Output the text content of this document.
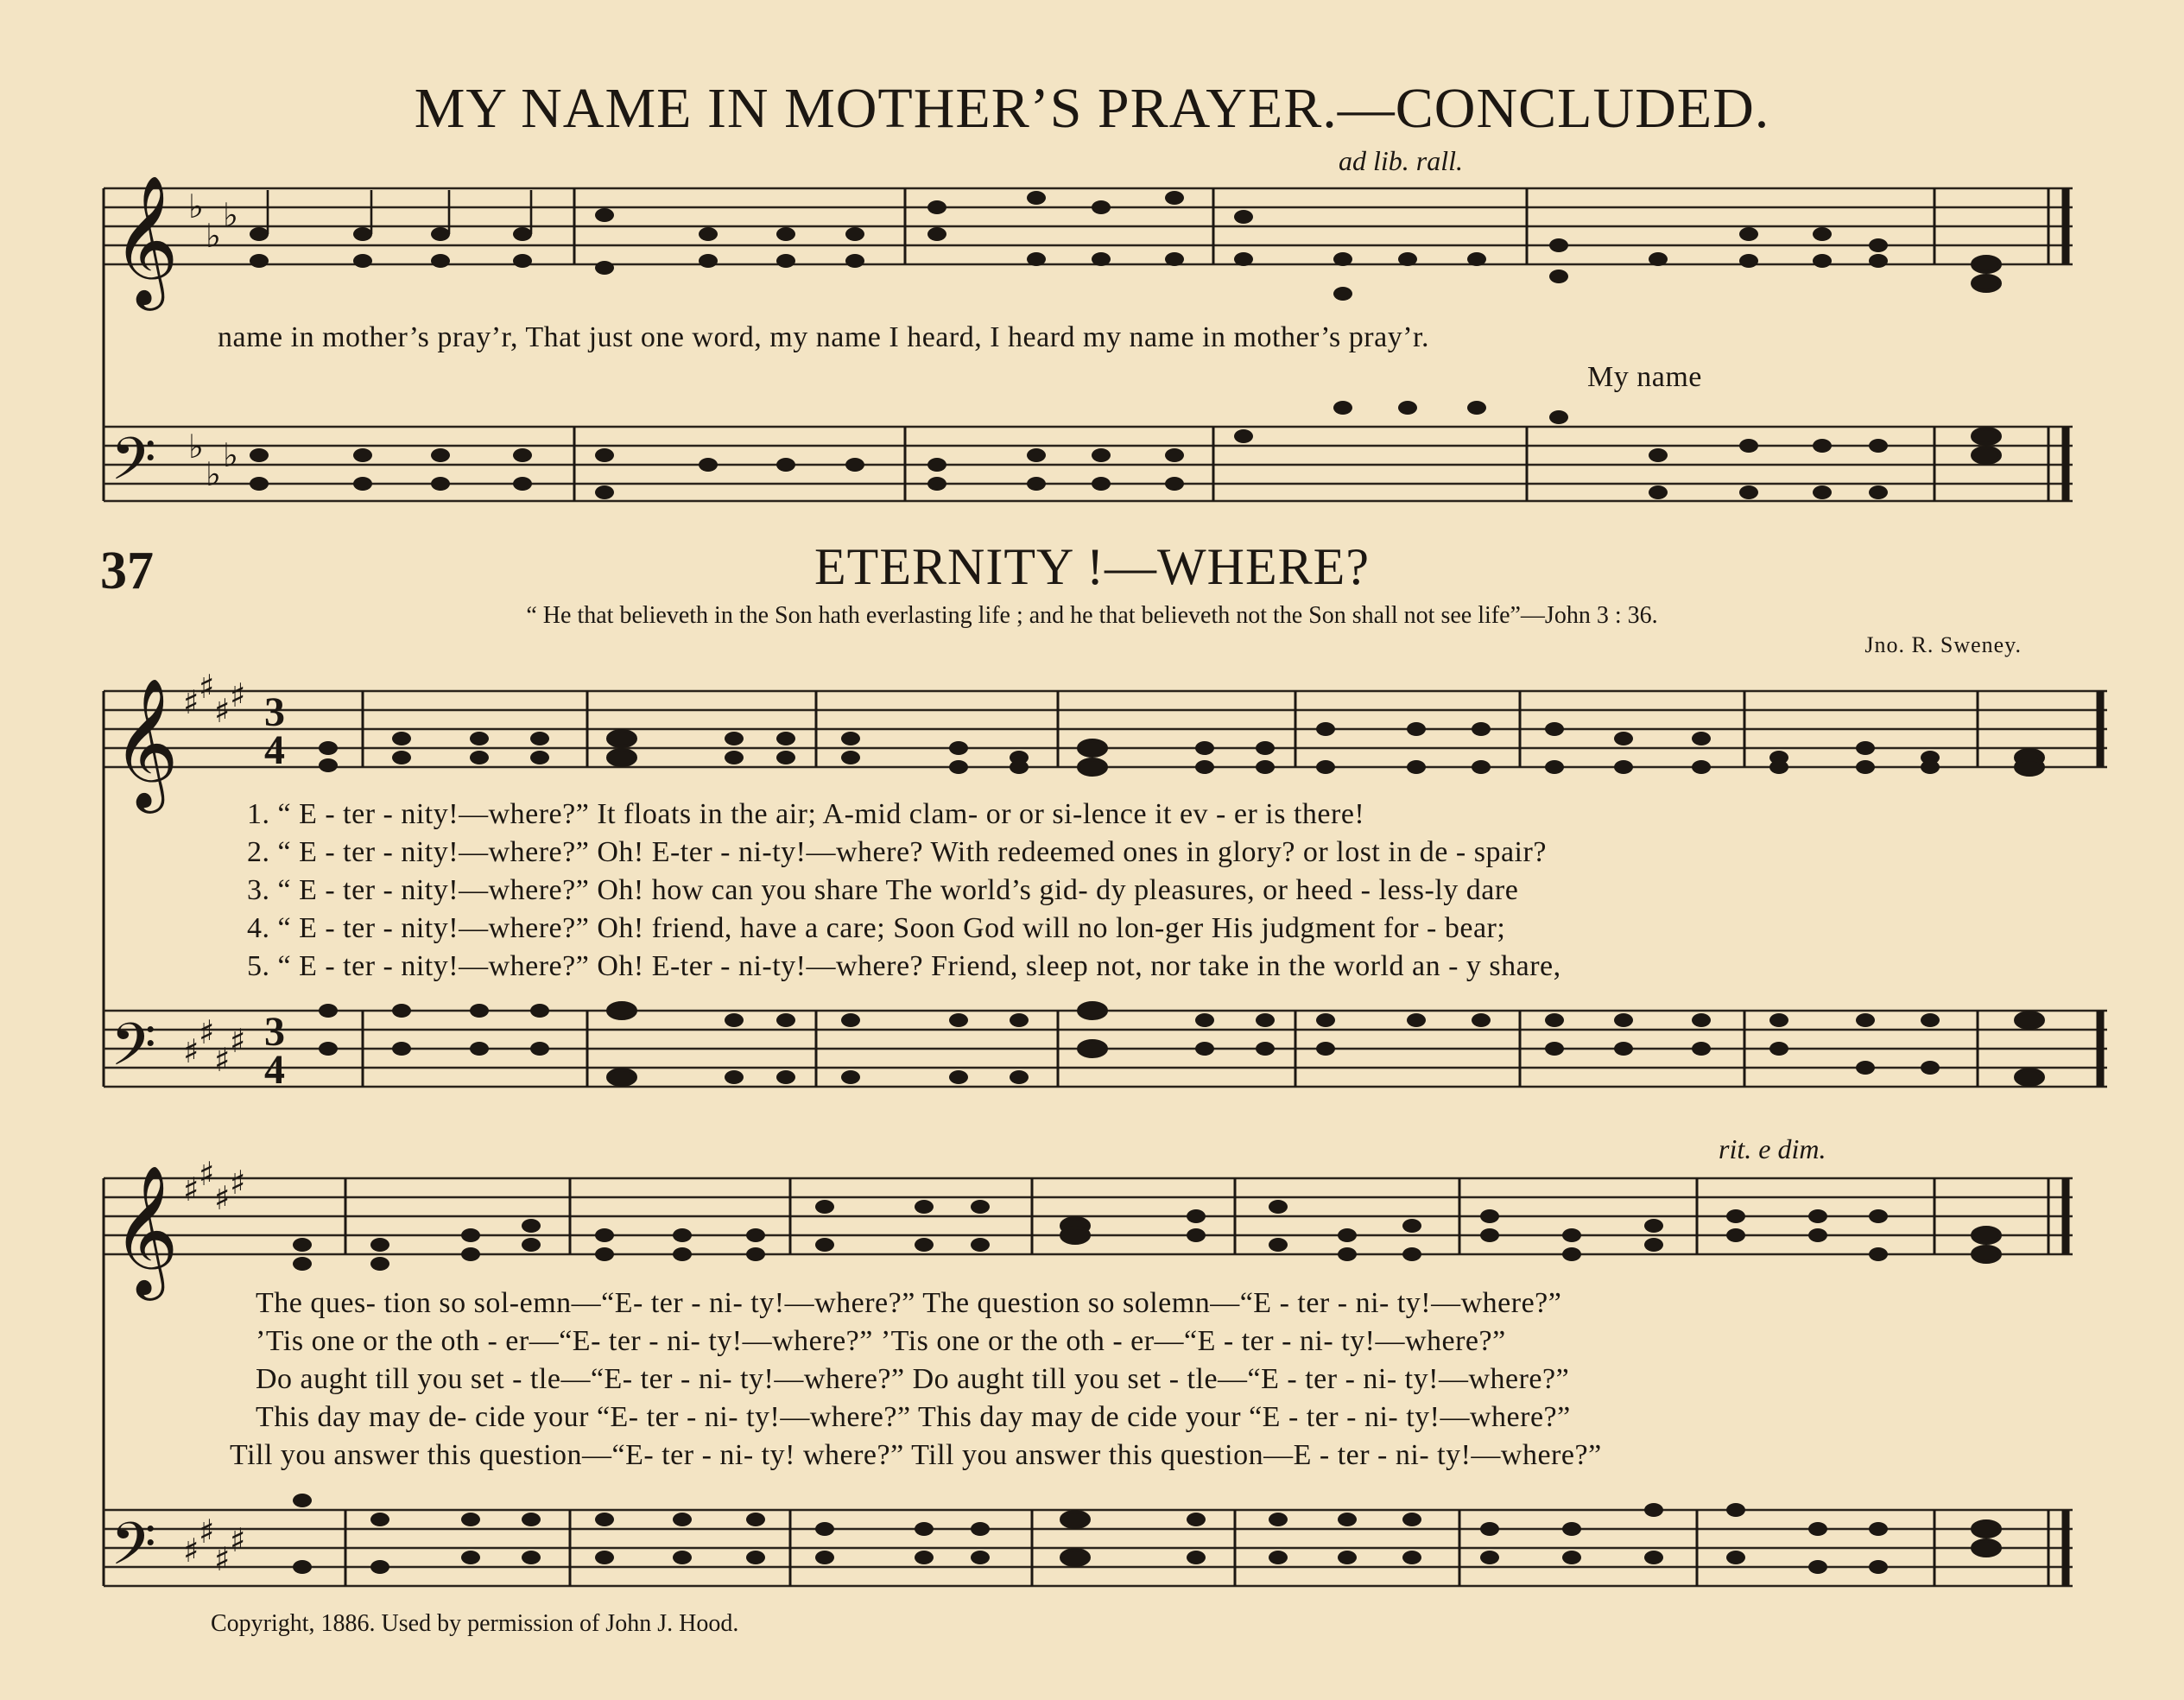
𝄞 ♭
♭
♭
𝄢 ♭
♭ ♭
𝄞 ♯ ♯
♯ ♯ 3
4
𝄢 ♯ ♯
♯ ♯ 3
4
𝄞 ♯ ♯
♯ ♯
𝄢 ♯ ♯
♯ ♯
MY NAME IN MOTHER’S PRAYER.—CONCLUDED.
ad lib. rall.
name in mother’s pray’r, That just one word, my name I heard, I heard my name in mother’s pray’r.
My name
37	ETERNITY !—WHERE?
“ He that believeth in the Son hath everlasting life ; and he that believeth not the Son shall not see life”—John 3 : 36.
Jno. R. Sweney.
1. “ E - ter - nity!—where?” It floats in the air; A-mid clam- or or si-lence it ev - er is there!
2. “ E - ter - nity!—where?” Oh! E-ter - ni-ty!—where? With redeemed ones in glory? or lost in de - spair?
3. “ E - ter - nity!—where?” Oh! how can you share The world’s gid- dy pleasures, or heed - less-ly dare
4. “ E - ter - nity!—where?” Oh! friend, have a care; Soon God will no lon-ger His judgment for - bear;
5. “ E - ter - nity!—where?” Oh! E-ter - ni-ty!—where? Friend, sleep not, nor take in the world an - y share,
rit. e dim.
The ques- tion so sol-emn—“E- ter - ni- ty!—where?” The question so solemn—“E - ter - ni- ty!—where?”
’Tis one or the oth - er—“E- ter - ni- ty!—where?” ’Tis one or the oth - er—“E - ter - ni- ty!—where?”
Do aught till you set - tle—“E- ter - ni- ty!—where?” Do aught till you set - tle—“E - ter - ni- ty!—where?”
This day may de- cide your “E- ter - ni- ty!—where?” This day may de cide your “E - ter - ni- ty!—where?”
Till you answer this question—“E- ter - ni- ty! where?” Till you answer this question—E - ter - ni- ty!—where?”
Copyright, 1886. Used by permission of John J. Hood.
